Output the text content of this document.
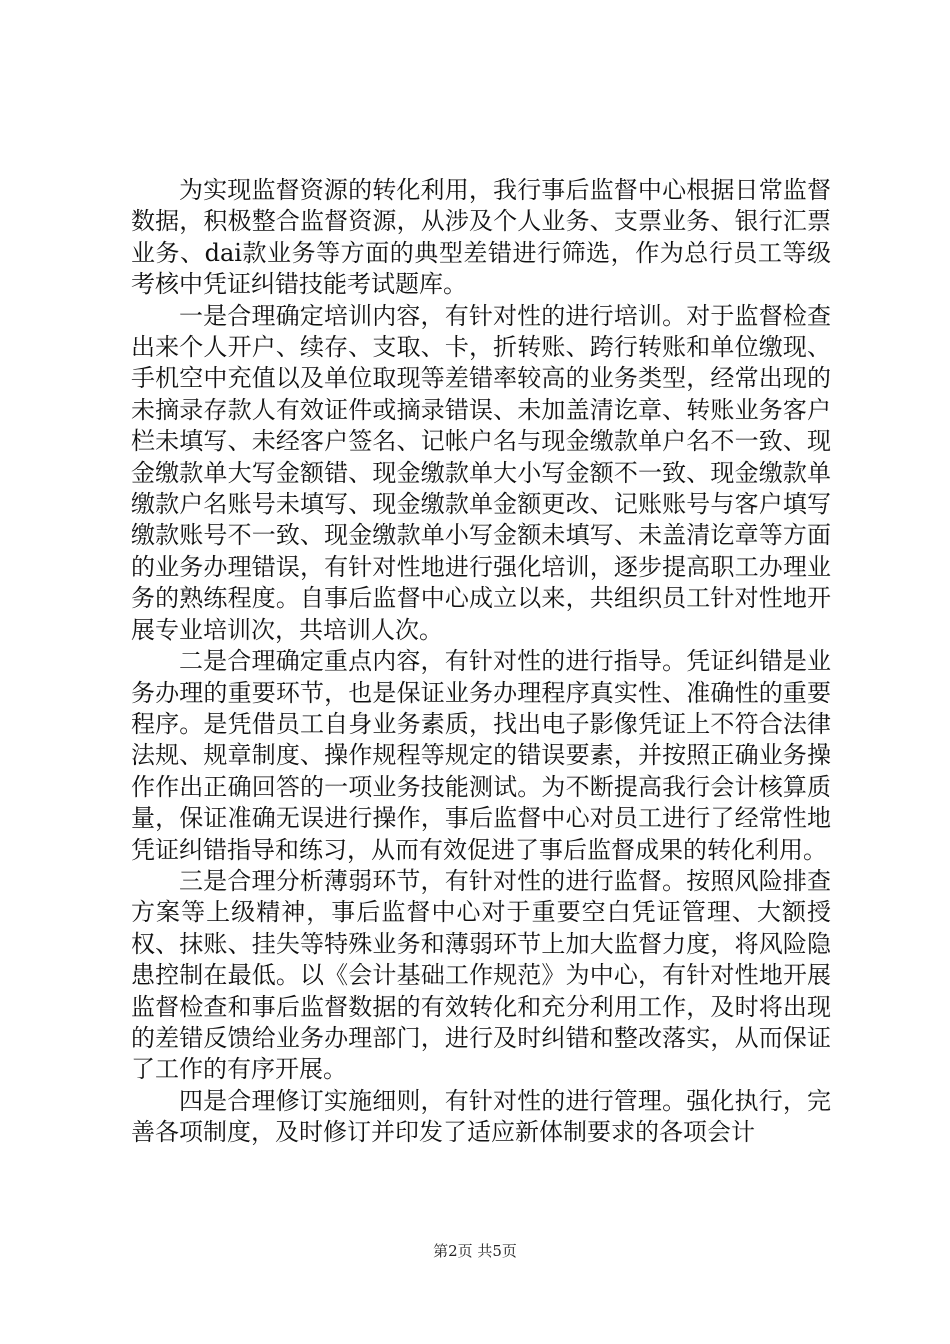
为实现监督资源的转化利用，我行事后监督中心根据日常监督数据，积极整合监督资源，从涉及个人业务、支票业务、银行汇票业务、dai款业务等方面的典型差错进行筛选，作为总行员工等级考核中凭证纠错技能考试题库。

一是合理确定培训内容，有针对性的进行培训。对于监督检查出来个人开户、续存、支取、卡，折转账、跨行转账和单位缴现、手机空中充值以及单位取现等差错率较高的业务类型，经常出现的未摘录存款人有效证件或摘录错误、未加盖清讫章、转账业务客户栏未填写、未经客户签名、记帐户名与现金缴款单户名不一致、现金缴款单大写金额错、现金缴款单大小写金额不一致、现金缴款单缴款户名账号未填写、现金缴款单金额更改、记账账号与客户填写缴款账号不一致、现金缴款单小写金额未填写、未盖清讫章等方面的业务办理错误，有针对性地进行强化培训，逐步提高职工办理业务的熟练程度。自事后监督中心成立以来，共组织员工针对性地开展专业培训次，共培训人次。

二是合理确定重点内容，有针对性的进行指导。凭证纠错是业务办理的重要环节，也是保证业务办理程序真实性、准确性的重要程序。是凭借员工自身业务素质，找出电子影像凭证上不符合法律法规、规章制度、操作规程等规定的错误要素，并按照正确业务操作作出正确回答的一项业务技能测试。为不断提高我行会计核算质量，保证准确无误进行操作，事后监督中心对员工进行了经常性地凭证纠错指导和练习，从而有效促进了事后监督成果的转化利用。

三是合理分析薄弱环节，有针对性的进行监督。按照风险排查方案等上级精神，事后监督中心对于重要空白凭证管理、大额授权、抹账、挂失等特殊业务和薄弱环节上加大监督力度，将风险隐患控制在最低。以《会计基础工作规范》为中心，有针对性地开展监督检查和事后监督数据的有效转化和充分利用工作，及时将出现的差错反馈给业务办理部门，进行及时纠错和整改落实，从而保证了工作的有序开展。

四是合理修订实施细则，有针对性的进行管理。强化执行，完善各项制度，及时修订并印发了适应新体制要求的各项会计

第2页 共5页
